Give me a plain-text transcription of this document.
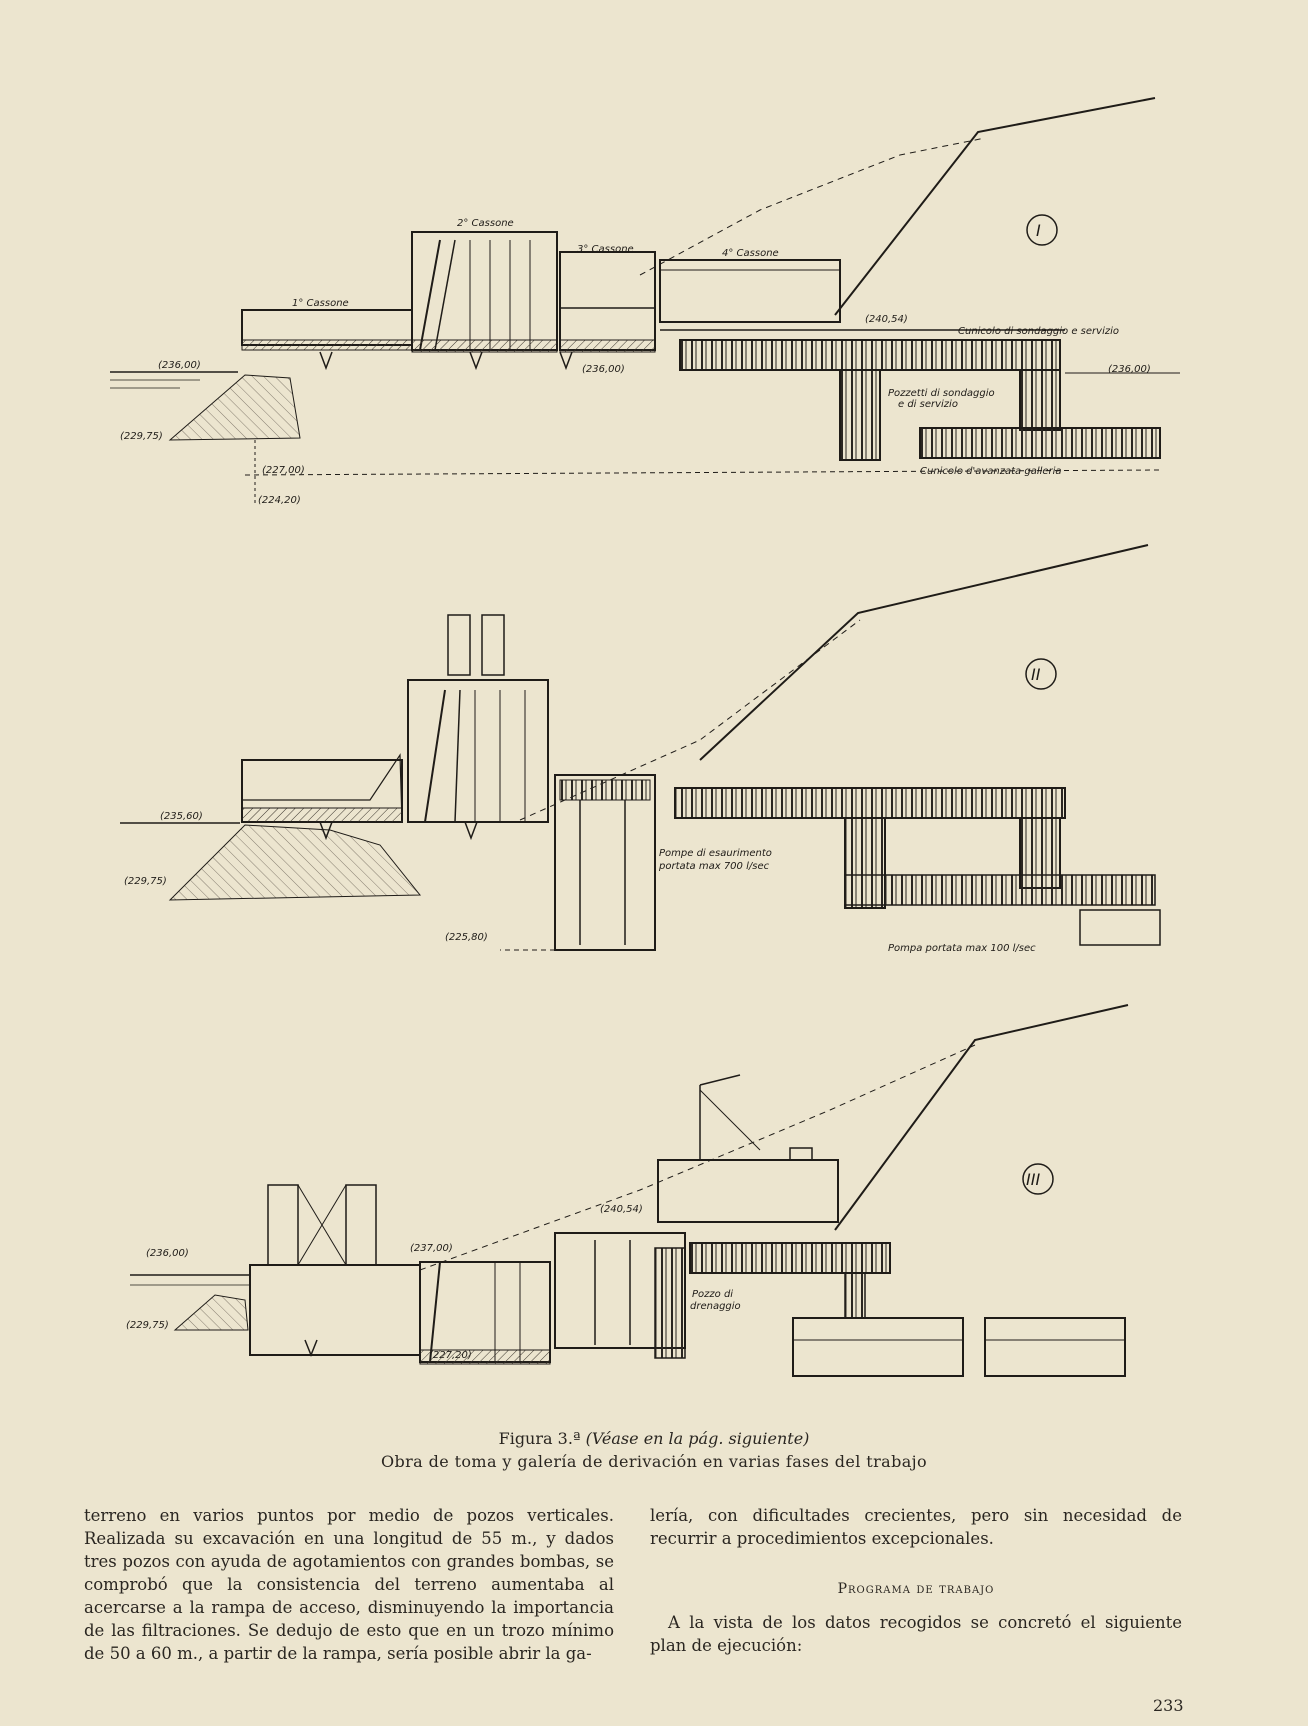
2° Cassone
3° Cassone	4° Cassone
1° Cassone
(236,00)
(229,75)
(227,00)
(224,20)
(236,00)
(240,54)
(236,00)
Cunicolo di sondaggio e servizio
Pozzetti di sondaggio
e di servizio
Cunicolo d'avanzata galleria
I
(235,60)
(229,75)
(225,80)
Pompe di esaurimento
portata max 700 l/sec
Pompa portata max 100 l/sec
II
(236,00)
(229,75)
(237,00)
(240,54)
(227,20)
Pozzo di
drenaggio
III
Figura 3.ª (Véase en la pág. siguiente)
Obra de toma y galería de derivación en varias fases del trabajo

terreno en varios puntos por medio de pozos verticales. Realizada su excavación en una longitud de 55 m., y dados tres pozos con ayuda de agotamientos con grandes bombas, se comprobó que la consistencia del terreno aumentaba al acercarse a la rampa de acceso, disminuyendo la importancia de las filtraciones. Se dedujo de esto que en un trozo mínimo de 50 a 60 m., a partir de la rampa, sería posible abrir la ga-

lería, con dificultades crecientes, pero sin necesidad de recurrir a procedimientos excepcionales.

Programa de trabajo

A la vista de los datos recogidos se concretó el siguiente plan de ejecución:

233
